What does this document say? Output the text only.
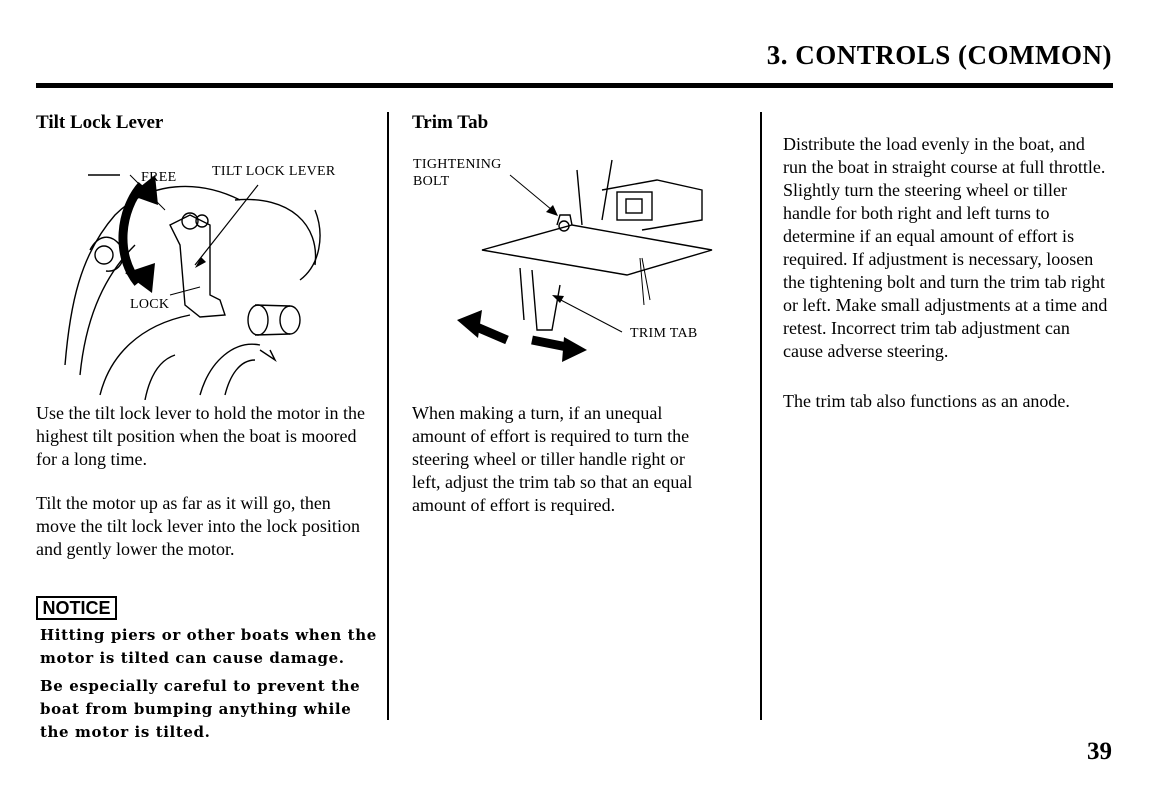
3. CONTROLS (COMMON)
Tilt Lock Lever
FREE	TILT LOCK LEVER
LOCK

Use the tilt lock lever to hold the motor in the highest tilt position when the boat is moored for a long time.

Tilt the motor up as far as it will go, then move the tilt lock lever into the lock position and gently lower the motor.

NOTICE

Hitting piers or other boats when the motor is tilted can cause damage.

Be especially careful to prevent the boat from bumping anything while the motor is tilted.

Trim Tab
TIGHTENING
BOLT
TRIM TAB

When making a turn, if an unequal amount of effort is required to turn the steering wheel or tiller handle right or left, adjust the trim tab so that an equal amount of effort is required.

Distribute the load evenly in the boat, and run the boat in straight course at full throttle. Slightly turn the steering wheel or tiller handle for both right and left turns to determine if an equal amount of effort is required. If adjustment is necessary, loosen the tightening bolt and turn the trim tab right or left. Make small adjustments at a time and retest. Incorrect trim tab adjustment can cause adverse steering.

The trim tab also functions as an anode.

39
